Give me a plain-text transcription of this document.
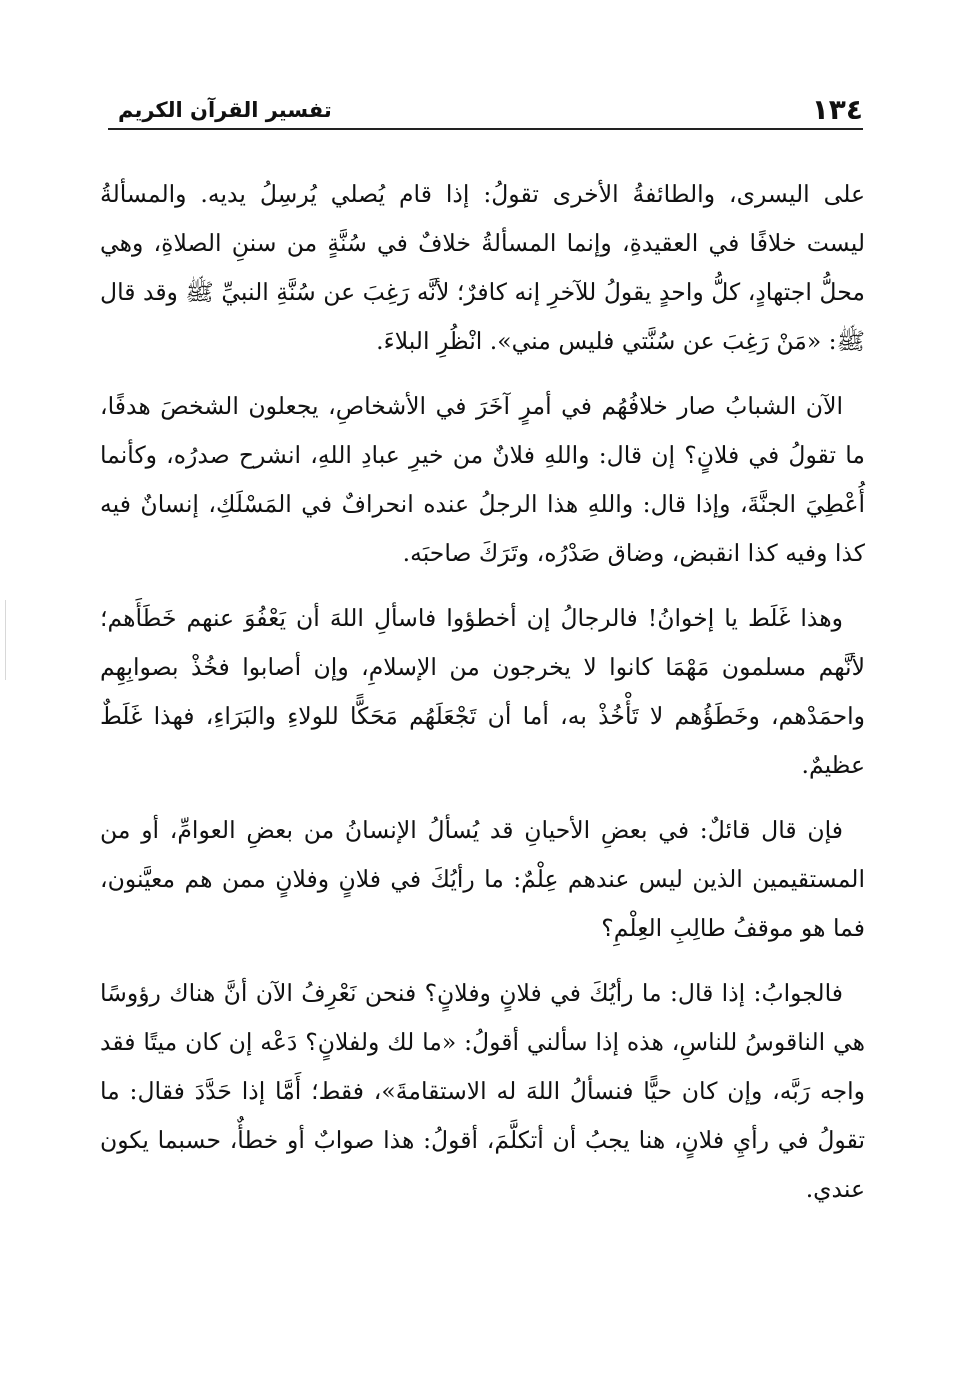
١٣٤
تفسير القرآن الكريم

على اليسرى، والطائفةُ الأخرى تقولُ: إذا قام يُصلي يُرسِلُ يديه. والمسألةُ ليست خلافًا في العقيدةِ، وإنما المسألةُ خلافٌ في سُنَّةٍ من سننِ الصلاةِ، وهي محلُّ اجتهادٍ، كلُّ واحدٍ يقولُ للآخرِ إنه كافرٌ؛ لأنَّه رَغِبَ عن سُنَّةِ النبيِّ ﷺ وقد قال ﷺ: «مَنْ رَغِبَ عن سُنَّتي فليس مني». انْظُرِ البلاءَ.

الآن الشبابُ صار خلافُهُم في أمرٍ آخَرَ في الأشخاصِ، يجعلون الشخصَ هدفًا، ما تقولُ في فلانٍ؟ إن قال: واللهِ فلانٌ من خيرِ عبادِ اللهِ، انشرح صدرُه، وكأنما أُعْطِيَ الجنَّةَ، وإذا قال: واللهِ هذا الرجلُ عنده انحرافٌ في المَسْلَكِ، إنسانٌ فيه كذا وفيه كذا انقبض، وضاق صَدْرُه، وتَرَكَ صاحبَه.

وهذا غَلَط يا إخوانُ! فالرجالُ إن أخطؤوا فاسألِ اللهَ أن يَعْفُوَ عنهم خَطَأَهم؛ لأنَّهم مسلمون مَهْمَا كانوا لا يخرجون من الإسلامِ، وإن أصابوا فخُذْ بصوابِهِم واحمَدْهم، وخَطَؤُهم لا تَأْخُذْ به، أما أن تَجْعَلَهُم مَحَكًّا للولاءِ والبَرَاءِ، فهذا غَلَطٌ عظيمٌ.

فإن قال قائلٌ: في بعضِ الأحيانِ قد يُسألُ الإنسانُ من بعضِ العوامِّ، أو من المستقيمين الذين ليس عندهم عِلْمٌ: ما رأيُكَ في فلانٍ وفلانٍ ممن هم معيَّنون، فما هو موقفُ طالِبِ العِلْمِ؟

فالجوابُ: إذا قال: ما رأيُكَ في فلانٍ وفلانٍ؟ فنحن نَعْرِفُ الآن أنَّ هناك رؤوسًا هي الناقوسُ للناسِ، هذه إذا سألني أقولُ: «ما لك ولفلانٍ؟ دَعْه إن كان ميتًا فقد واجه رَبَّه، وإن كان حيًّا فنسألُ اللهَ له الاستقامةَ»، فقط؛ أَمَّا إذا حَدَّدَ فقال: ما تقولُ في رأيِ فلانٍ، هنا يجبُ أن أتكلَّمَ، أقولُ: هذا صوابٌ أو خطأٌ، حسبما يكون عندي.
